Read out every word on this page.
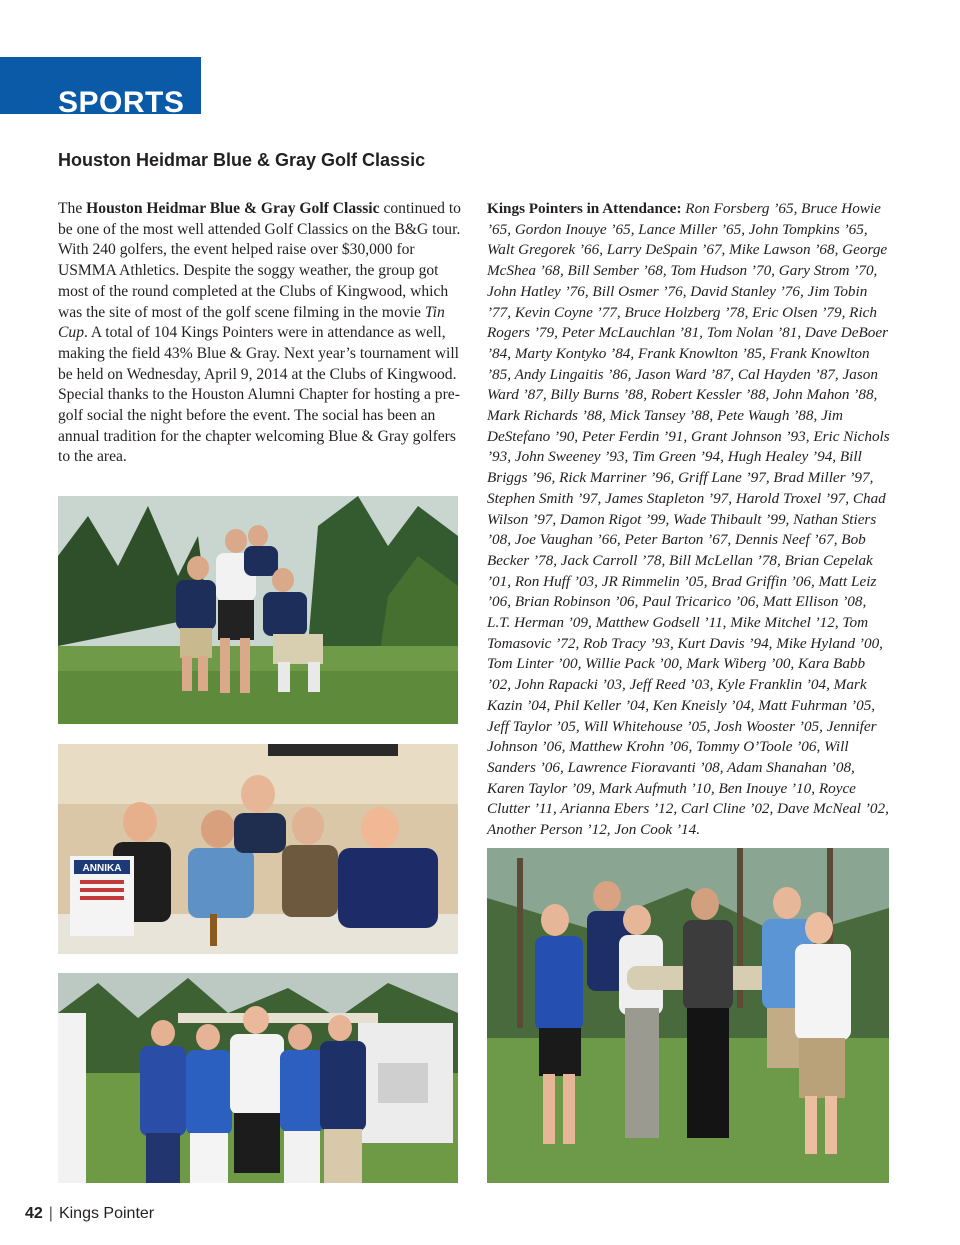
SPORTS
Houston Heidmar Blue & Gray Golf Classic

The Houston Heidmar Blue & Gray Golf Classic continued to be one of the most well attended Golf Classics on the B&G tour. With 240 golfers, the event helped raise over $30,000 for USMMA Athletics. Despite the soggy weather, the group got most of the round completed at the Clubs of Kingwood, which was the site of most of the golf scene filming in the movie Tin Cup. A total of 104 Kings Pointers were in attendance as well, making the field 43% Blue & Gray. Next year’s tournament will be held on Wednesday, April 9, 2014 at the Clubs of Kingwood. Special thanks to the Houston Alumni Chapter for hosting a pre-golf social the night before the event. The social has been an annual tradition for the chapter welcoming Blue & Gray golfers to the area.

Kings Pointers in Attendance: Ron Forsberg ’65, Bruce Howie ’65, Gordon Inouye ’65, Lance Miller ’65, John Tompkins ’65, Walt Gregorek ’66, Larry DeSpain ’67, Mike Lawson ’68, George McShea ’68, Bill Sember ’68, Tom Hudson ’70, Gary Strom ’70, John Hatley ’76, Bill Osmer ’76, David Stanley ’76, Jim Tobin ’77, Kevin Coyne ’77, Bruce Holzberg ’78, Eric Olsen ’79, Rich Rogers ’79, Peter McLauchlan ’81, Tom Nolan ’81, Dave DeBoer ’84, Marty Kontyko ’84, Frank Knowlton ’85, Frank Knowlton ’85, Andy Lingaitis ’86, Jason Ward ’87, Cal Hayden ’87, Jason Ward ’87, Billy Burns ’88, Robert Kessler ’88, John Mahon ’88, Mark Richards ’88, Mick Tansey ’88, Pete Waugh ’88, Jim DeStefano ’90, Peter Ferdin ’91, Grant Johnson ’93, Eric Nichols ’93, John Sweeney ’93, Tim Green ’94, Hugh Healey ’94, Bill Briggs ’96, Rick Marriner ’96, Griff Lane ’97, Brad Miller ’97, Stephen Smith ’97, James Stapleton ’97, Harold Troxel ’97, Chad Wilson ’97, Damon Rigot ’99, Wade Thibault ’99, Nathan Stiers ’08, Joe Vaughan ’66, Peter Barton ’67, Dennis Neef ’67, Bob Becker ’78, Jack Carroll ’78, Bill McLellan ’78, Brian Cepelak ’01, Ron Huff ’03, JR Rimmelin ’05, Brad Griffin ’06, Matt Leiz ’06, Brian Robinson ’06, Paul Tricarico ’06, Matt Ellison ’08, L.T. Herman ’09, Matthew Godsell ’11, Mike Mitchel ’12, Tom Tomasovic ’72, Rob Tracy ’93, Kurt Davis ’94, Mike Hyland ’00, Tom Linter ’00, Willie Pack ’00, Mark Wiberg ’00, Kara Babb ’02, John Rapacki ’03, Jeff Reed ’03, Kyle Franklin ’04, Mark Kazin ’04, Phil Keller ’04, Ken Kneisly ’04, Matt Fuhrman ’05, Jeff Taylor ’05, Will Whitehouse ’05, Josh Wooster ’05, Jennifer Johnson ’06, Matthew Krohn ’06, Tommy O’Toole ’06, Will Sanders ’06, Lawrence Fioravanti ’08, Adam Shanahan ’08, Karen Taylor ’09, Mark Aufmuth ’10, Ben Inouye ’10, Royce Clutter ’11, Arianna Ebers ’12, Carl Cline ’02, Dave McNeal ’02, Another Person ’12, Jon Cook ’14.

ANNIKA
42 | Kings Pointer
